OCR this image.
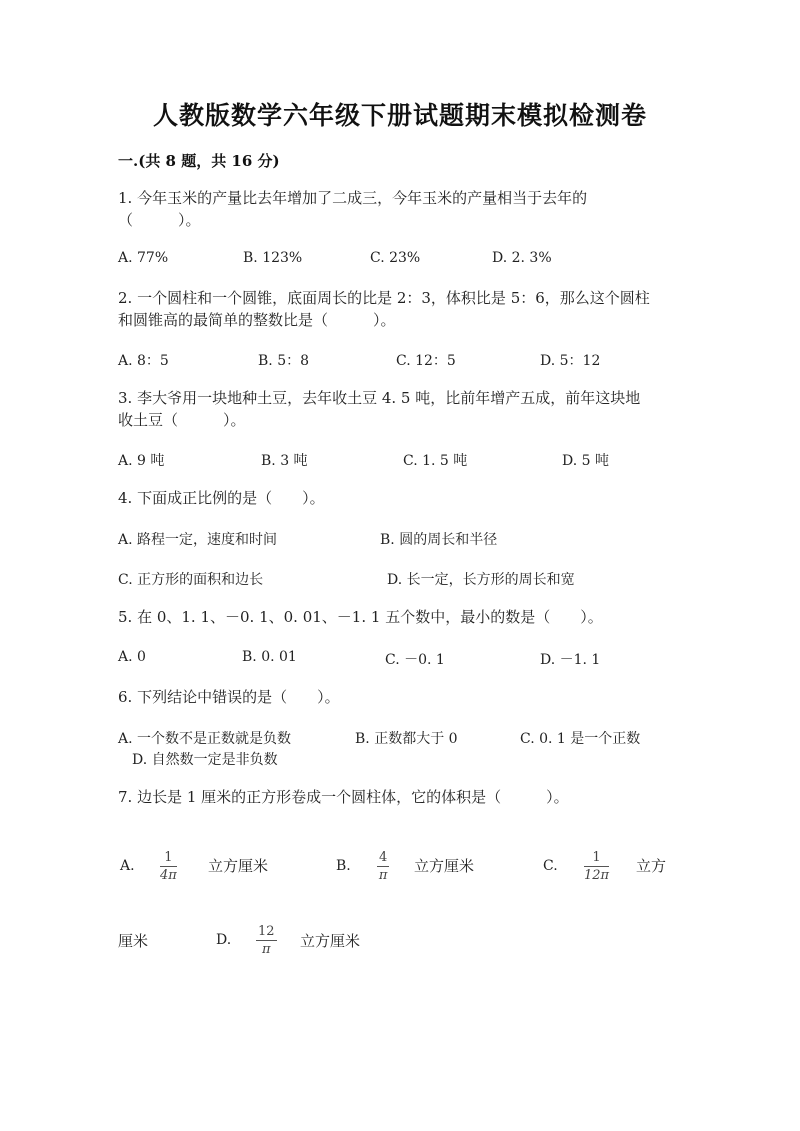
人教版数学六年级下册试题期末模拟检测卷
一.(共 8 题，共 16 分)
1. 今年玉米的产量比去年增加了二成三，今年玉米的产量相当于去年的
（　　　）。
A. 77%	B. 123%	C. 23%	D. 2. 3%
2. 一个圆柱和一个圆锥，底面周长的比是 2：3，体积比是 5：6，那么这个圆柱
和圆锥高的最简单的整数比是（　　　）。
A. 8：5	B. 5：8	C. 12：5	D. 5：12
3. 李大爷用一块地种土豆，去年收土豆 4. 5 吨，比前年增产五成，前年这块地
收土豆（　　　）。
A. 9 吨	B. 3 吨	C. 1. 5 吨	D. 5 吨
4. 下面成正比例的是（　　）。
A. 路程一定，速度和时间	B. 圆的周长和半径
C. 正方形的面积和边长	D. 长一定，长方形的周长和宽
5. 在 0、1. 1、－0. 1、0. 01、－1. 1 五个数中，最小的数是（　　）。
A. 0	B. 0. 01	C. －0. 1	D. －1. 1
6. 下列结论中错误的是（　　）。
A. 一个数不是正数就是负数	B. 正数都大于 0	C. 0. 1 是一个正数
D. 自然数一定是非负数
7. 边长是 1 厘米的正方形卷成一个圆柱体，它的体积是（　　　）。
A.
1
4π
立方厘米	B.
4
π
立方厘米	C.
1
12π
立方
厘米	D.
12
π 立方厘米
